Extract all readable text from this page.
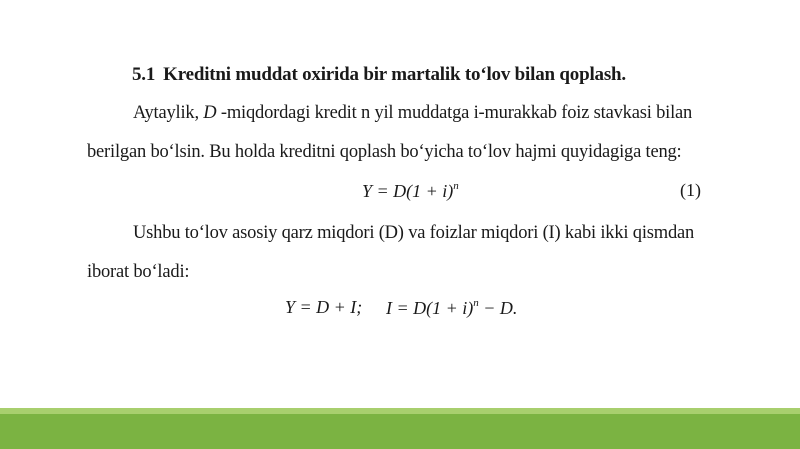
5.1 Kreditni muddat oxirida bir martalik to‘lov bilan qoplash.
Aytaylik, D -miqdordagi kredit n yil muddatga i-murakkab foiz stavkasi bilan
berilgan bo‘lsin. Bu holda kreditni qoplash bo‘yicha to‘lov hajmi quyidagiga teng:
$Y = D(1 + i)^n$	(1)
Ushbu to‘lov asosiy qarz miqdori (D) va foizlar miqdori (I) kabi ikki qismdan
iborat bo‘ladi:
Y = D + I; $I = D(1 + i)^n - D$.
